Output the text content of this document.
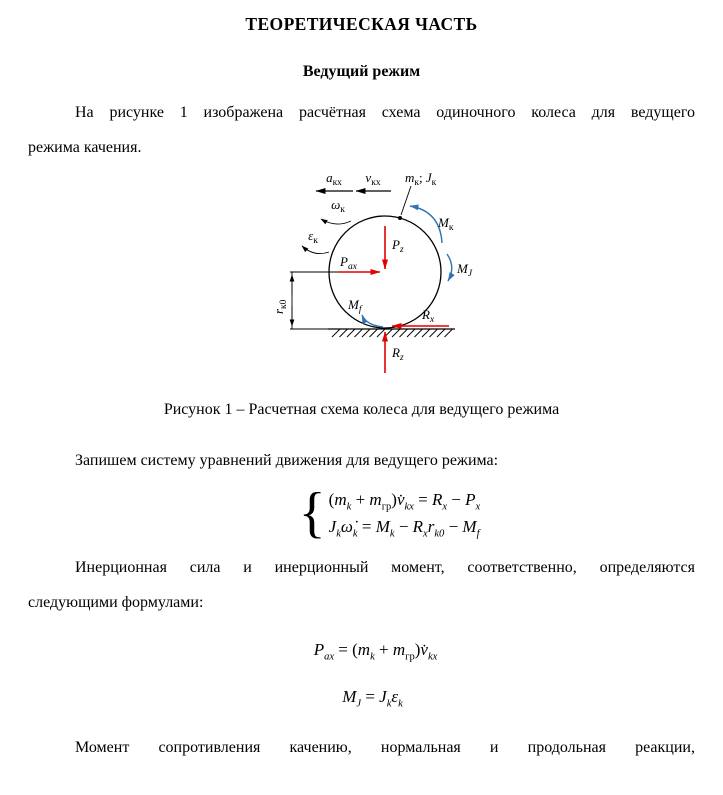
ТЕОРЕТИЧЕСКАЯ ЧАСТЬ
Ведущий режим

На рисунке 1 изображена расчётная схема одиночного колеса для ведущего
режима качения.

$a_{кх}$ $v_{кх}$ $m_к$; $J_к$
$\omega_к$
$\varepsilon_к$
$M_к$
$M_J$
$M_f$
$P_z$
$P_{ax}$
$R_x$
$R_z$
$r_{к0}$

Рисунок 1 – Расчетная схема колеса для ведущего режима

Запишем систему уравнений движения для ведущего режима:

{ ($m_k$ + $m_{гр})v̇_{kx} = R_x - P_x$
$J_k\omegȧ_k = M_k - R_xr_{k0} - M_f$

Инерционная сила и инерционный момент, соответственно, определяются
следующими формулами:

$P_{ax} = (m_k$ + $m_{гр})v̇_{kx}$
$M_J = J_k\varepsilon_k$

Момент сопротивления качению, нормальная и продольная реакции,
